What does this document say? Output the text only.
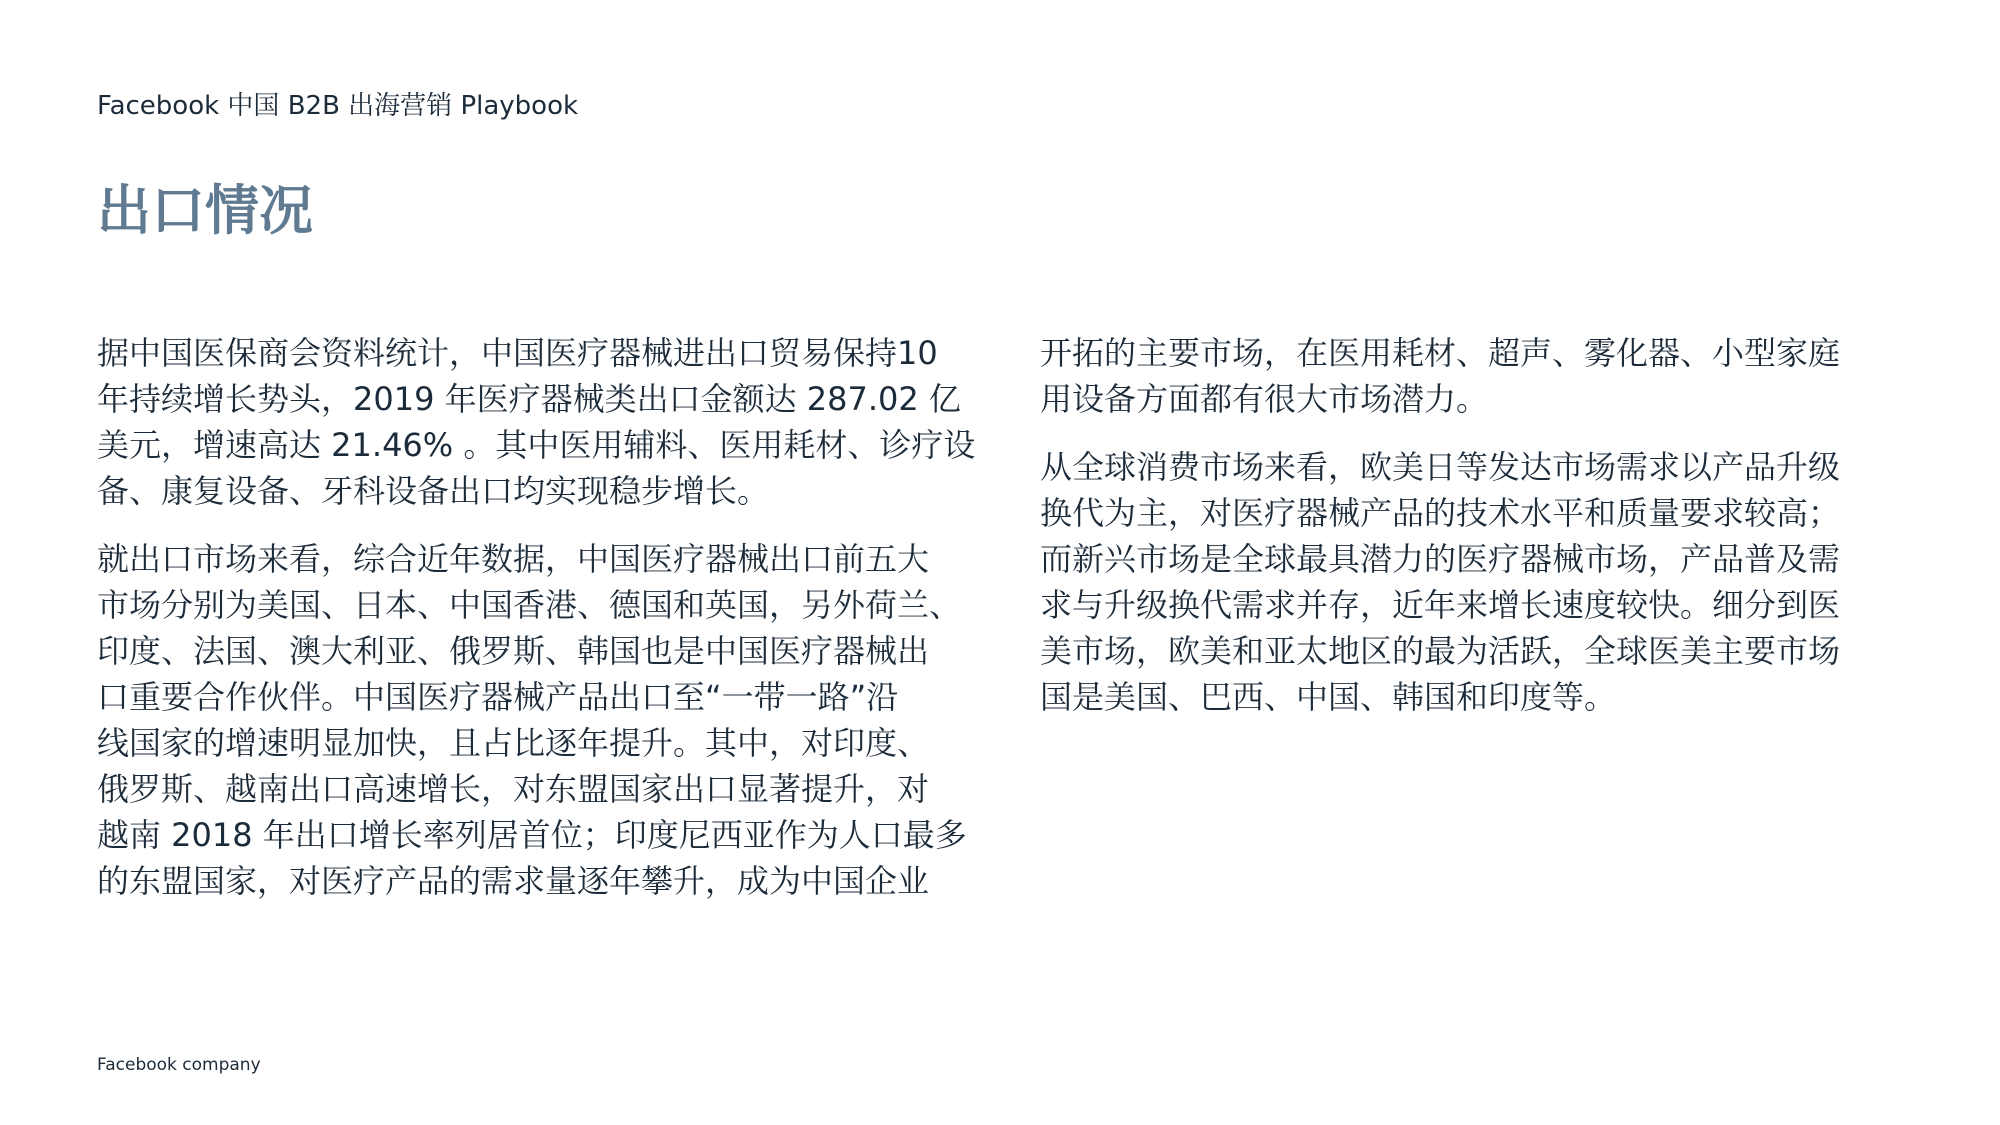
Facebook 中国 B2B 出海营销 Playbook
出口情况

据中国医保商会资料统计，中国医疗器械进出口贸易保持10
年持续增长势头，2019 年医疗器械类出口金额达 287.02 亿
美元，增速高达 21.46% 。其中医用辅料、医用耗材、诊疗设
备、康复设备、牙科设备出口均实现稳步增长。

就出口市场来看，综合近年数据，中国医疗器械出口前五大
市场分别为美国、日本、中国香港、德国和英国，另外荷兰、
印度、法国、澳大利亚、俄罗斯、韩国也是中国医疗器械出
口重要合作伙伴。中国医疗器械产品出口至“一带一路”沿
线国家的增速明显加快，且占比逐年提升。其中，对印度、
俄罗斯、越南出口高速增长，对东盟国家出口显著提升，对
越南 2018 年出口增长率列居首位；印度尼西亚作为人口最多
的东盟国家，对医疗产品的需求量逐年攀升，成为中国企业

开拓的主要市场，在医用耗材、超声、雾化器、小型家庭
用设备方面都有很大市场潜力。

从全球消费市场来看，欧美日等发达市场需求以产品升级
换代为主，对医疗器械产品的技术水平和质量要求较高；
而新兴市场是全球最具潜力的医疗器械市场，产品普及需
求与升级换代需求并存，近年来增长速度较快。细分到医
美市场，欧美和亚太地区的最为活跃，全球医美主要市场
国是美国、巴西、中国、韩国和印度等。

Facebook company
